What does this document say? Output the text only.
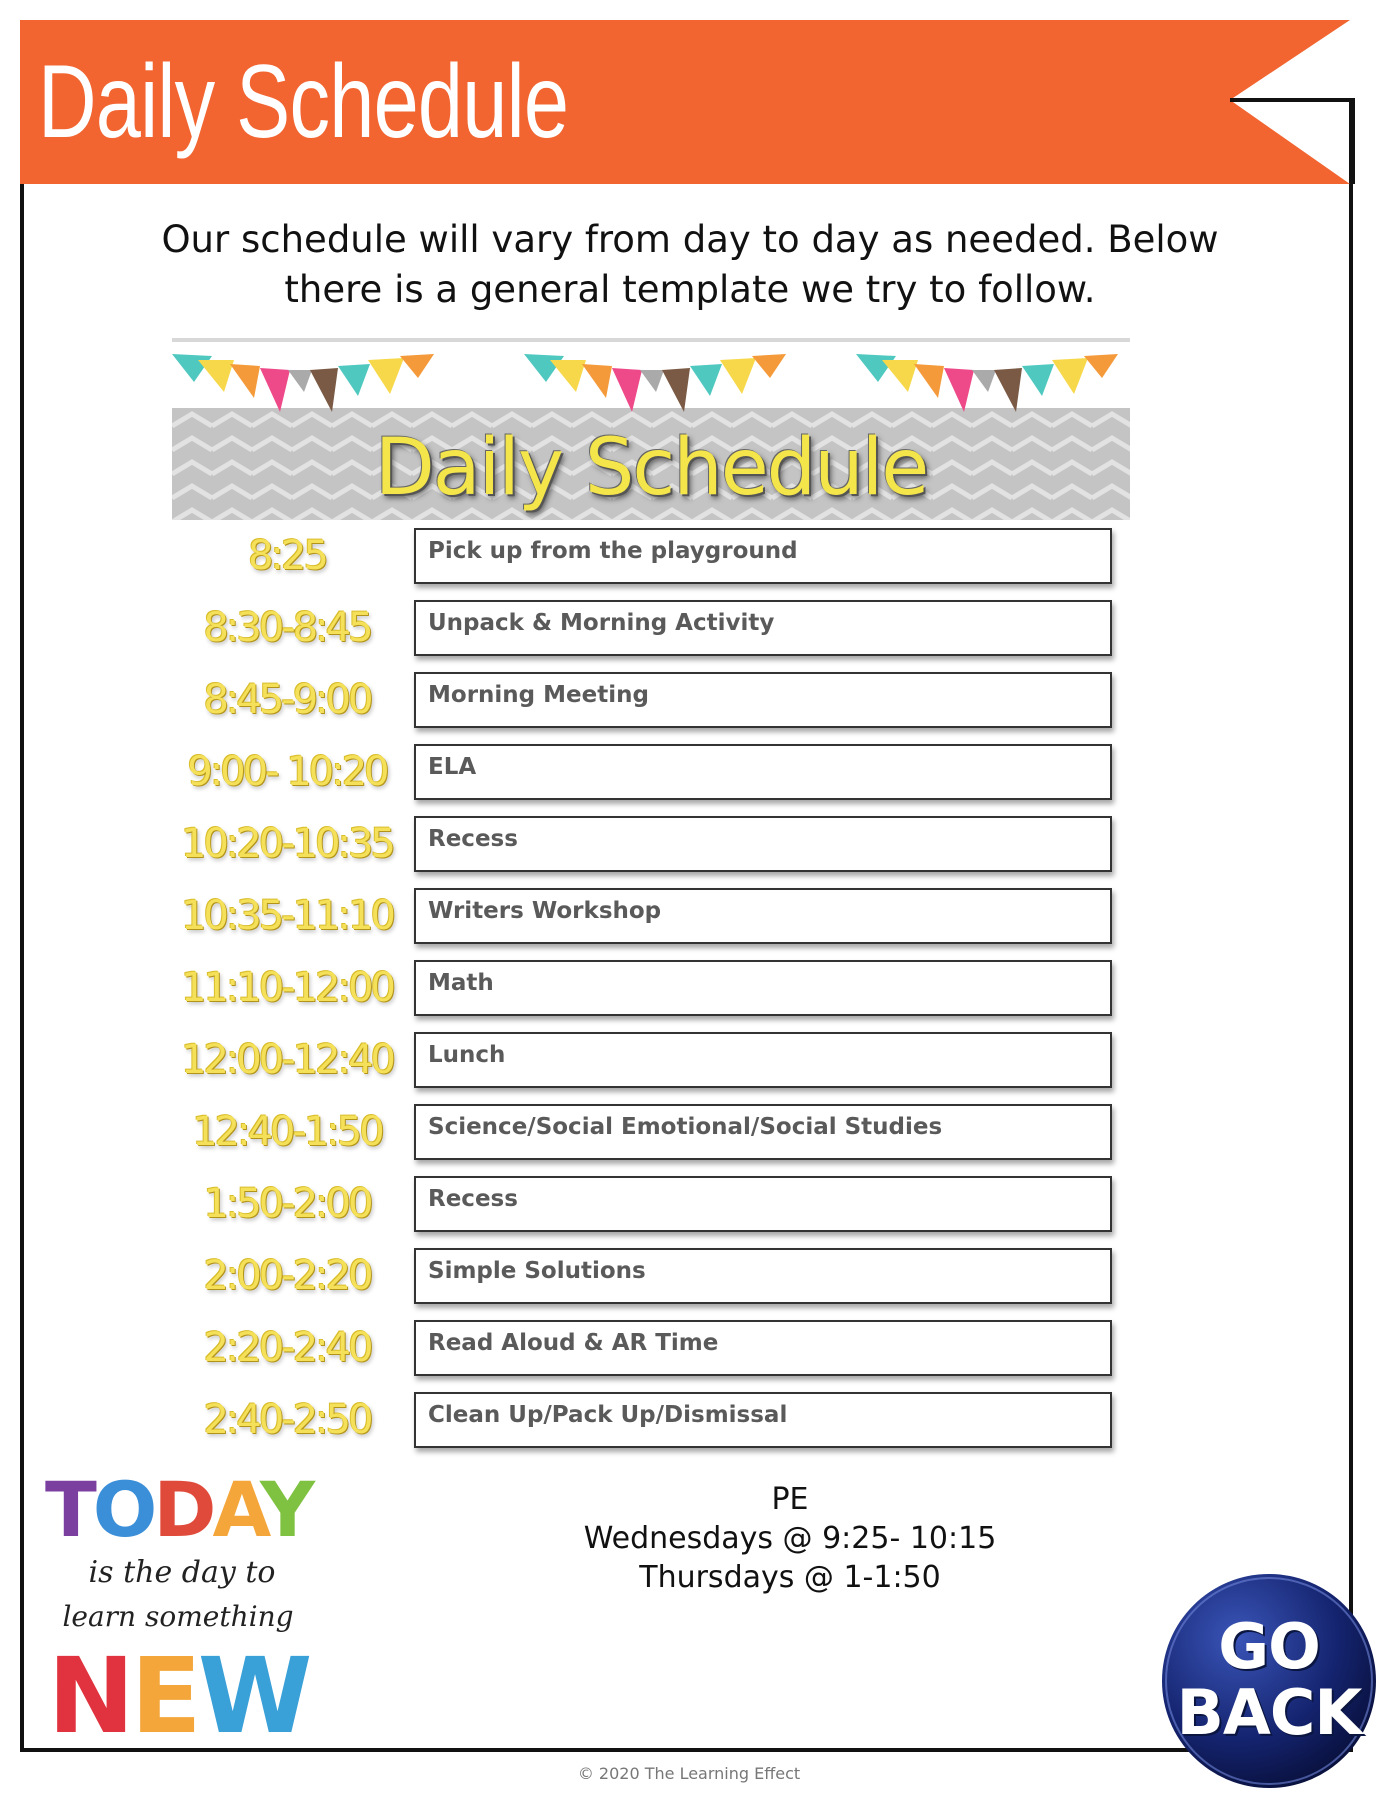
Daily Schedule
Our schedule will vary from day to day as needed. Below
there is a general template we try to follow.
Daily Schedule
8:25	Pick up from the playground
8:30-8:45	Unpack & Morning Activity
8:45-9:00	Morning Meeting
9:00- 10:20	ELA
10:20-10:35	Recess
10:35-11:10	Writers Workshop
11:10-12:00	Math
12:00-12:40	Lunch
12:40-1:50	Science/Social Emotional/Social Studies
1:50-2:00	Recess
2:00-2:20	Simple Solutions
2:20-2:40	Read Aloud & AR Time
2:40-2:50	Clean Up/Pack Up/Dismissal
PE
Wednesdays @ 9:25- 10:15
Thursdays @ 1-1:50
TODAY
is the day to
learn something
NEW	GO
BACK
© 2020 The Learning Effect
